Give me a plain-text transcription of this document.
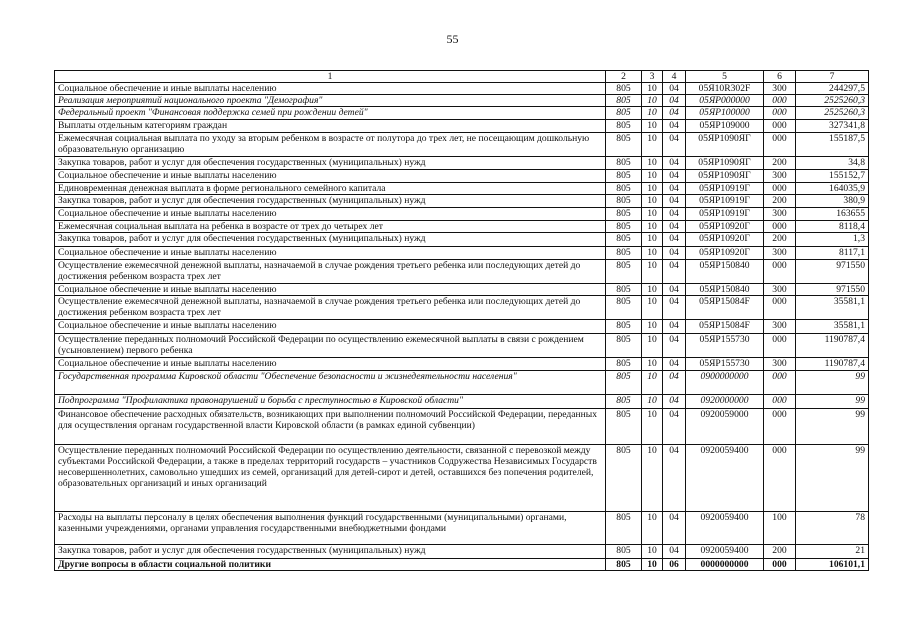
55
1	2	3	4	5	6	7
Социальное обеспечение и иные выплаты населению	805	10	04	05Я10R302F	300	244297,5
Реализация мероприятий национального проекта "Демография"	805	10	04	05ЯP000000	000	2525260,3
Федеральный проект "Финансовая поддержка семей при рождении детей"	805	10	04	05ЯP100000	000	2525260,3
Выплаты отдельным категориям граждан	805	10	04	05ЯP109000	000	327341,8
Ежемесячная социальная выплата по уходу за вторым ребенком в возрасте от полутора до трех лет, не посещающим дошкольную образовательную организацию	805	10	04	05ЯP1090ЯГ	000	155187,5
Закупка товаров, работ и услуг для обеспечения государственных (муниципальных) нужд	805	10	04	05ЯP1090ЯГ	200	34,8
Социальное обеспечение и иные выплаты населению	805	10	04	05ЯP1090ЯГ	300	155152,7
Единовременная денежная выплата в форме регионального семейного капитала	805	10	04	05ЯP10919Г	000	164035,9
Закупка товаров, работ и услуг для обеспечения государственных (муниципальных) нужд	805	10	04	05ЯP10919Г	200	380,9
Социальное обеспечение и иные выплаты населению	805	10	04	05ЯP10919Г	300	163655
Ежемесячная социальная выплата на ребенка в возрасте от трех до четырех лет	805	10	04	05ЯP10920Г	000	8118,4
Закупка товаров, работ и услуг для обеспечения государственных (муниципальных) нужд	805	10	04	05ЯP10920Г	200	1,3
Социальное обеспечение и иные выплаты населению	805	10	04	05ЯP10920Г	300	8117,1
Осуществление ежемесячной денежной выплаты, назначаемой в случае рождения третьего ребенка или последующих детей до достижения ребенком возраста трех лет	805	10	04	05ЯP150840	000	971550
Социальное обеспечение и иные выплаты населению	805	10	04	05ЯP150840	300	971550
Осуществление ежемесячной денежной выплаты, назначаемой в случае рождения третьего ребенка или последующих детей до достижения ребенком возраста трех лет	805	10	04	05ЯP15084F	000	35581,1
Социальное обеспечение и иные выплаты населению	805	10	04	05ЯP15084F	300	35581,1
Осуществление переданных полномочий Российской Федерации по осуществлению ежемесячной выплаты в связи с рождением (усыновлением) первого ребенка	805	10	04	05ЯP155730	000	1190787,4
Социальное обеспечение и иные выплаты населению	805	10	04	05ЯP155730	300	1190787,4
Государственная программа Кировской области "Обеспечение безопасности и жизнедеятельности населения"	805	10	04	0900000000	000	99
Подпрограмма "Профилактика правонарушений и борьба с преступностью в Кировской области"	805	10	04	0920000000	000	99
Финансовое обеспечение расходных обязательств, возникающих при выполнении полномочий Российской Федерации, переданных для осуществления органам государственной власти Кировской области (в рамках единой субвенции)	805	10	04	0920059000	000	99
Осуществление переданных полномочий Российской Федерации по осуществлению деятельности, связанной с перевозкой между субъектами Российской Федерации, а также в пределах территорий государств – участников Содружества Независимых Государств несовершеннолетних, самовольно ушедших из семей, организаций для детей-сирот и детей, оставшихся без попечения родителей, образовательных организаций и иных организаций	805	10	04	0920059400	000	99
Расходы на выплаты персоналу в целях обеспечения выполнения функций государственными (муниципальными) органами, казенными учреждениями, органами управления государственными внебюджетными фондами	805	10	04	0920059400	100	78
Закупка товаров, работ и услуг для обеспечения государственных (муниципальных) нужд	805	10	04	0920059400	200	21
Другие вопросы в области социальной политики	805	10	06	0000000000	000	106101,1
